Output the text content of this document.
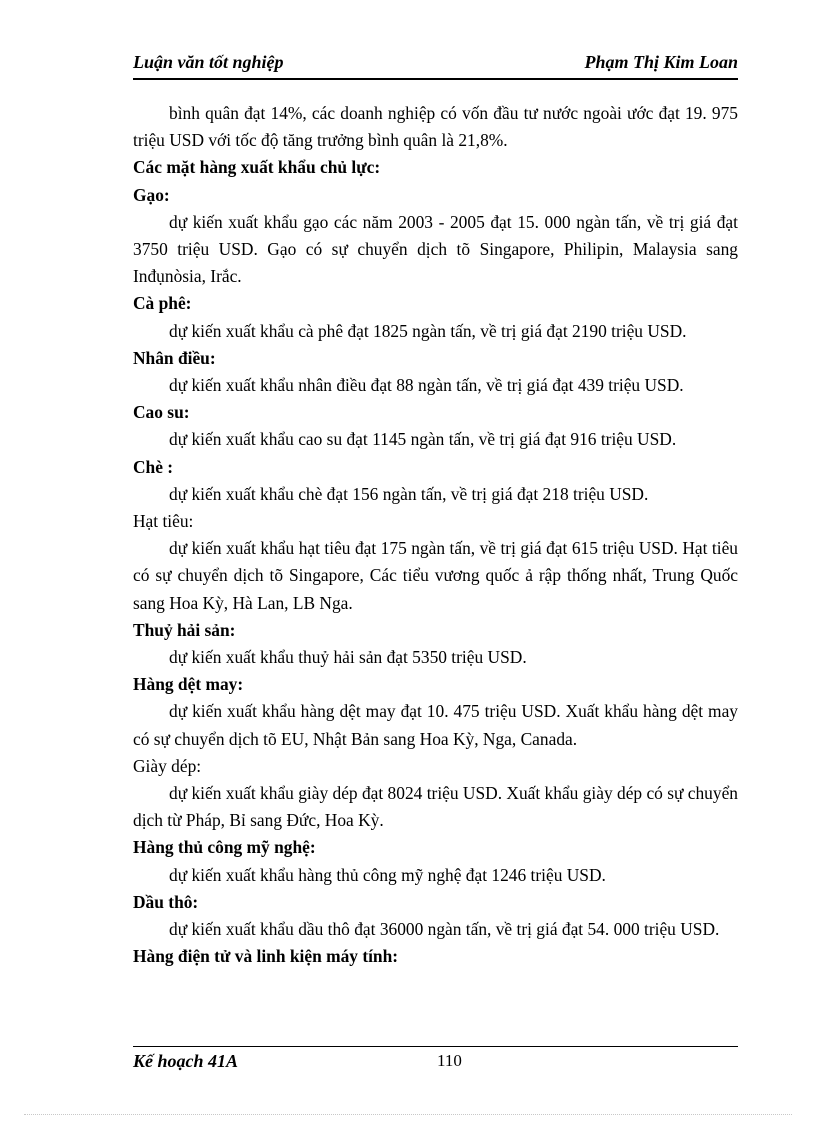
Luận văn tốt nghiệp	Phạm Thị Kim Loan

bình quân đạt 14%, các doanh nghiệp có vốn đầu tư nước ngoài ước đạt 19. 975 triệu USD với tốc độ tăng trưởng bình quân là 21,8%.

Các mặt hàng xuất khẩu chủ lực:

Gạo:

dự kiến xuất khẩu gạo các năm 2003 - 2005 đạt 15. 000 ngàn tấn, về trị giá đạt 3750 triệu USD. Gạo có sự chuyển dịch tõ Singapore, Philipin, Malaysia sang Inđụnòsia, Irắc.

Cà phê:

dự kiến xuất khẩu cà phê đạt 1825 ngàn tấn, về trị giá đạt 2190 triệu USD.

Nhân điều:

dự kiến xuất khẩu nhân điều đạt 88 ngàn tấn, về trị giá đạt 439 triệu USD.

Cao su:

dự kiến xuất khẩu cao su đạt 1145 ngàn tấn, về trị giá đạt 916 triệu USD.

Chè :

dự kiến xuất khẩu chè đạt 156 ngàn tấn, về trị giá đạt 218 triệu USD.

Hạt tiêu:

dự kiến xuất khẩu hạt tiêu đạt 175 ngàn tấn, về trị giá đạt 615 triệu USD. Hạt tiêu có sự chuyển dịch tõ Singapore, Các tiểu vương quốc ả rập thống nhất, Trung Quốc sang Hoa Kỳ, Hà Lan, LB Nga.

Thuỷ hải sản:

dự kiến xuất khẩu thuỷ hải sản đạt 5350 triệu USD.

Hàng dệt may:

dự kiến xuất khẩu hàng dệt may đạt 10. 475 triệu USD. Xuất khẩu hàng dệt may có sự chuyển dịch tõ EU, Nhật Bản sang Hoa Kỳ, Nga, Canada.

Giày dép:

dự kiến xuất khẩu giày dép đạt 8024 triệu USD. Xuất khẩu giày dép có sự chuyển dịch từ Pháp, Bỉ sang Đức, Hoa Kỳ.

Hàng thủ công mỹ nghệ:

dự kiến xuất khẩu hàng thủ công mỹ nghệ đạt 1246 triệu USD.

Dầu thô:

dự kiến xuất khẩu dầu thô đạt 36000 ngàn tấn, về trị giá đạt 54. 000 triệu USD.

Hàng điện tử và linh kiện máy tính:

Kế hoạch 41A	110
